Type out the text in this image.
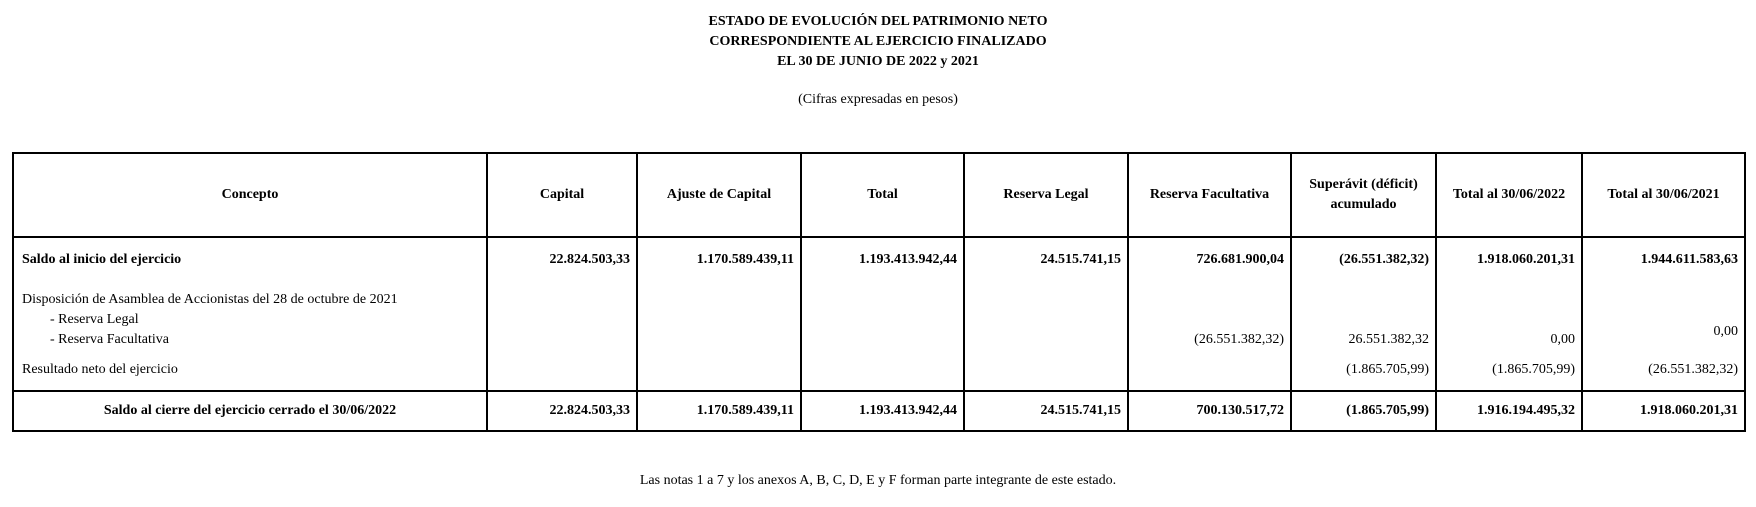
ESTADO DE EVOLUCIÓN DEL PATRIMONIO NETO
CORRESPONDIENTE AL EJERCICIO FINALIZADO
EL 30 DE JUNIO DE 2022 y 2021
(Cifras expresadas en pesos)
Concepto	Capital	Ajuste de Capital	Total	Reserva Legal	Reserva Facultativa	Superávit (déficit) acumulado	Total al 30/06/2022	Total al 30/06/2021
Saldo al inicio del ejercicio	22.824.503,33	1.170.589.439,11	1.193.413.942,44	24.515.741,15	726.681.900,04	(26.551.382,32)	1.918.060.201,31	1.944.611.583,63

Disposición de Asamblea de Accionistas del 28 de octubre de 2021
- Reserva Legal
- Reserva Facultativa					(26.551.382,32)	26.551.382,32	0,00	0,00

Resultado neto del ejercicio						(1.865.705,99)	(1.865.705,99)	(26.551.382,32)
Saldo al cierre del ejercicio cerrado el 30/06/2022	22.824.503,33	1.170.589.439,11	1.193.413.942,44	24.515.741,15	700.130.517,72	(1.865.705,99)	1.916.194.495,32	1.918.060.201,31
Las notas 1 a 7 y los anexos A, B, C, D, E y F forman parte integrante de este estado.
